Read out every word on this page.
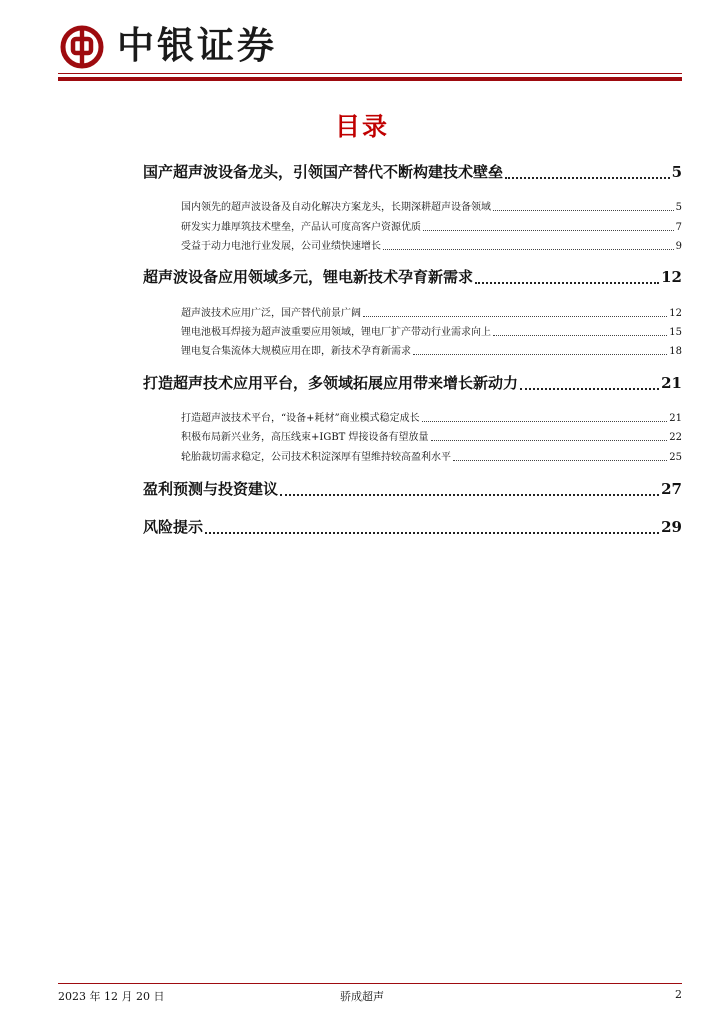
中银证券
目录
国产超声波设备龙头，引领国产替代不断构建技术壁垒	5
国内领先的超声波设备及自动化解决方案龙头，长期深耕超声设备领域	5
研发实力雄厚筑技术壁垒，产品认可度高客户资源优质	7
受益于动力电池行业发展，公司业绩快速增长	9
超声波设备应用领域多元，锂电新技术孕育新需求	12
超声波技术应用广泛，国产替代前景广阔	12
锂电池极耳焊接为超声波重要应用领域，锂电厂扩产带动行业需求向上	15
锂电复合集流体大规模应用在即，新技术孕育新需求	18
打造超声技术应用平台，多领域拓展应用带来增长新动力	21
打造超声波技术平台，“设备+耗材”商业模式稳定成长	21
积极布局新兴业务，高压线束+IGBT 焊接设备有望放量	22
轮胎裁切需求稳定，公司技术积淀深厚有望维持较高盈利水平	25
盈利预测与投资建议	27
风险提示	29
2023 年 12 月 20 日	骄成超声	2
